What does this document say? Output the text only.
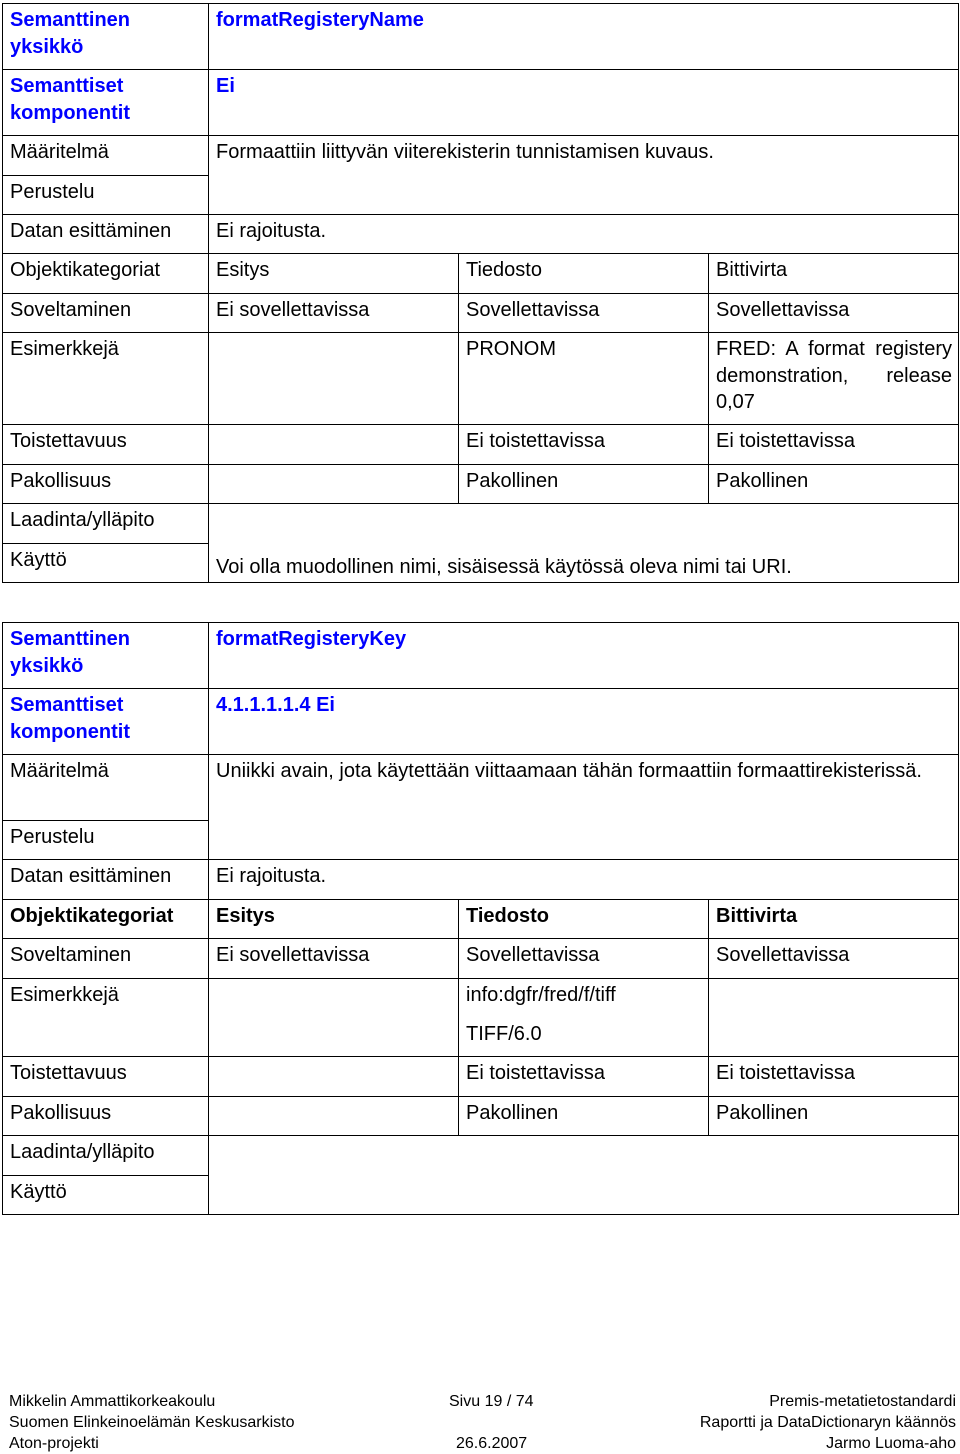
Semanttinen yksikkö	formatRegisteryName		
Semanttiset komponentit	Ei		
Määritelmä	Formaattiin liittyvän viiterekisterin tunnistamisen kuvaus.		
Perustelu			
Datan esittäminen	Ei rajoitusta.		
Objektikategoriat	Esitys	Tiedosto	Bittivirta
Soveltaminen	Ei sovellettavissa	Sovellettavissa	Sovellettavissa
Esimerkkejä		PRONOM	FRED: A format registery demonstration, release 0,07
Toistettavuus		Ei toistettavissa	Ei toistettavissa
Pakollisuus		Pakollinen	Pakollinen
Laadinta/ylläpito	Voi olla muodollinen nimi, sisäisessä käytössä oleva nimi tai URI.		
Käyttö			
Semanttinen yksikkö	formatRegisteryKey		
Semanttiset komponentit	4.1.1.1.1.4 Ei		
Määritelmä	Uniikki avain, jota käytettään viittaamaan tähän formaattiin formaattirekisterissä.		
Perustelu			
Datan esittäminen	Ei rajoitusta.		
Objektikategoriat	Esitys	Tiedosto	Bittivirta
Soveltaminen	Ei sovellettavissa	Sovellettavissa	Sovellettavissa
Esimerkkejä		info:dgfr/fred/f/tiff
TIFF/6.0	

Toistettavuus		Ei toistettavissa	Ei toistettavissa
Pakollisuus		Pakollinen	Pakollinen
Laadinta/ylläpito			
Käyttö			
Mikkelin Ammattikorkeakoulu
Suomen Elinkeinoelämän Keskusarkisto
Aton-projekti
Sivu 19 / 74
26.6.2007
Premis-metatietostandardi
Raportti ja DataDictionaryn käännös
Jarmo Luoma-aho
